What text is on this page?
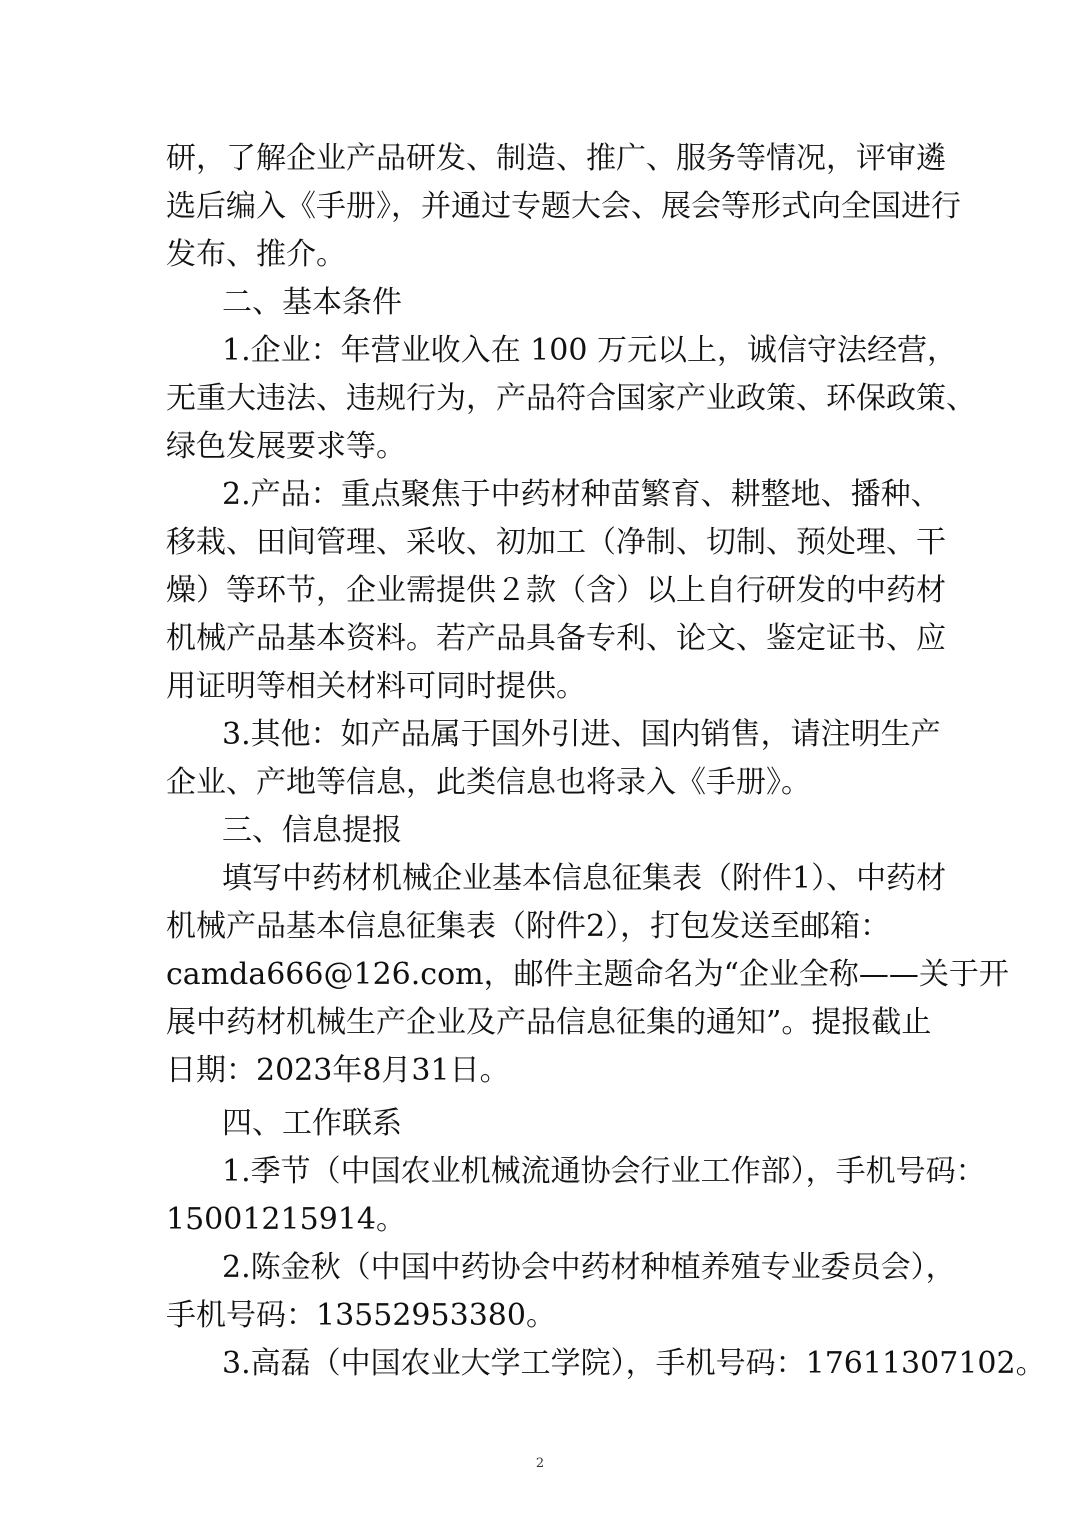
研，了解企业产品研发、制造、推广、服务等情况，评审遴
选后编入《手册》，并通过专题大会、展会等形式向全国进行
发布、推介。
二、基本条件
1.企业：年营业收入在 100 万元以上，诚信守法经营，
无重大违法、违规行为，产品符合国家产业政策、环保政策、
绿色发展要求等。
2.产品：重点聚焦于中药材种苗繁育、耕整地、播种、
移栽、田间管理、采收、初加工（净制、切制、预处理、干
燥）等环节，企业需提供２款（含）以上自行研发的中药材
机械产品基本资料。若产品具备专利、论文、鉴定证书、应
用证明等相关材料可同时提供。
3.其他：如产品属于国外引进、国内销售，请注明生产
企业、产地等信息，此类信息也将录入《手册》。
三、信息提报
填写中药材机械企业基本信息征集表（附件1）、中药材
机械产品基本信息征集表（附件2），打包发送至邮箱：
camda666@126.com，邮件主题命名为“企业全称——关于开
展中药材机械生产企业及产品信息征集的通知”。提报截止
日期：2023年8月31日。
四、工作联系
1.季节（中国农业机械流通协会行业工作部），手机号码：
15001215914。
2.陈金秋（中国中药协会中药材种植养殖专业委员会），
手机号码：13552953380。
3.高磊（中国农业大学工学院），手机号码：17611307102。
2
